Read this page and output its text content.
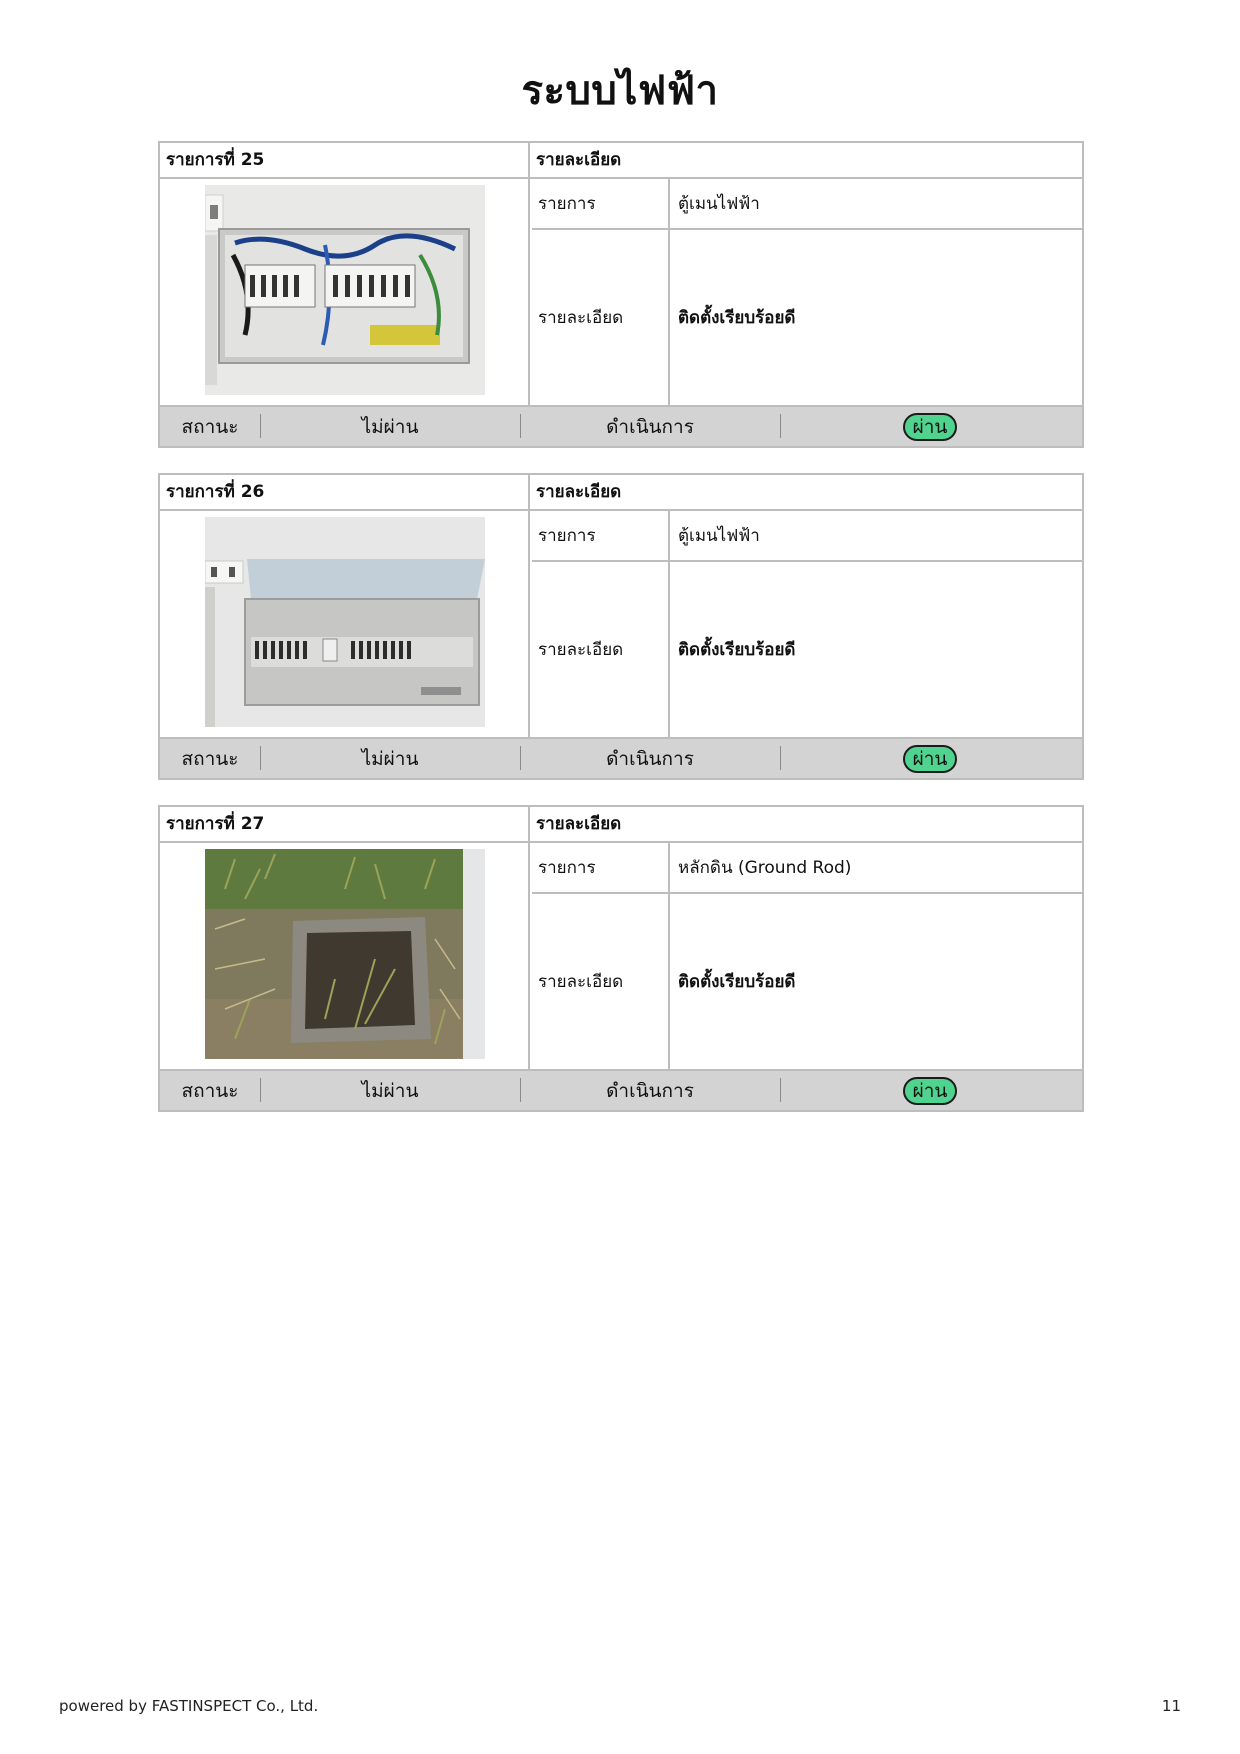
ระบบไฟฟ้า
รายการที่ 25	รายละเอียด
รายการ	ตู้เมนไฟฟ้า
รายละเอียด	ติดตั้งเรียบร้อยดี
สถานะ	ไม่ผ่าน	ดำเนินการ	ผ่าน
รายการที่ 26	รายละเอียด
รายการ	ตู้เมนไฟฟ้า
รายละเอียด	ติดตั้งเรียบร้อยดี
สถานะ	ไม่ผ่าน	ดำเนินการ	ผ่าน
รายการที่ 27	รายละเอียด
รายการ	หลักดิน (Ground Rod)
รายละเอียด	ติดตั้งเรียบร้อยดี
สถานะ	ไม่ผ่าน	ดำเนินการ	ผ่าน
powered by FASTINSPECT Co., Ltd.	11
